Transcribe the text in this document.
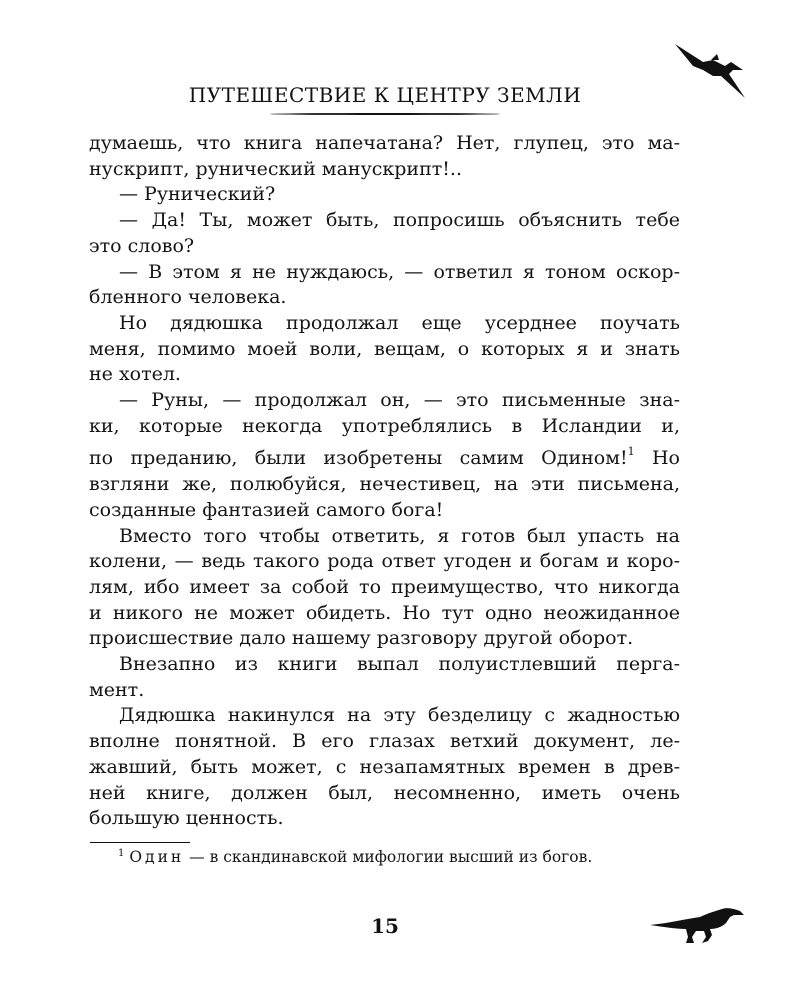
ПУТЕШЕСТВИЕ К ЦЕНТРУ ЗЕМЛИ
думаешь, что книга напечатана? Нет, глупец, это ма-
нускрипт, рунический манускрипт!..
— Рунический?
— Да! Ты, может быть, попросишь объяснить тебе
это слово?
— В этом я не нуждаюсь, — ответил я тоном оскор-
бленного человека.
Но дядюшка продолжал еще усерднее поучать
меня, помимо моей воли, вещам, о которых я и знать
не хотел.
— Руны, — продолжал он, — это письменные зна-
ки, которые некогда употреблялись в Исландии и,
по преданию, были изобретены самим Одином!$^1$ Но
взгляни же, полюбуйся, нечестивец, на эти письмена,
созданные фантазией самого бога!
Вместо того чтобы ответить, я готов был упасть на
колени, — ведь такого рода ответ угоден и богам и коро-
лям, ибо имеет за собой то преимущество, что никогда
и никого не может обидеть. Но тут одно неожиданное
происшествие дало нашему разговору другой оборот.
Внезапно из книги выпал полуистлевший перга-
мент.
Дядюшка накинулся на эту безделицу с жадностью
вполне понятной. В его глазах ветхий документ, ле-
жавший, быть может, с незапамятных времен в древ-
ней книге, должен был, несомненно, иметь очень
большую ценность.
$^1$ Один — в скандинавской мифологии высший из богов.
15
